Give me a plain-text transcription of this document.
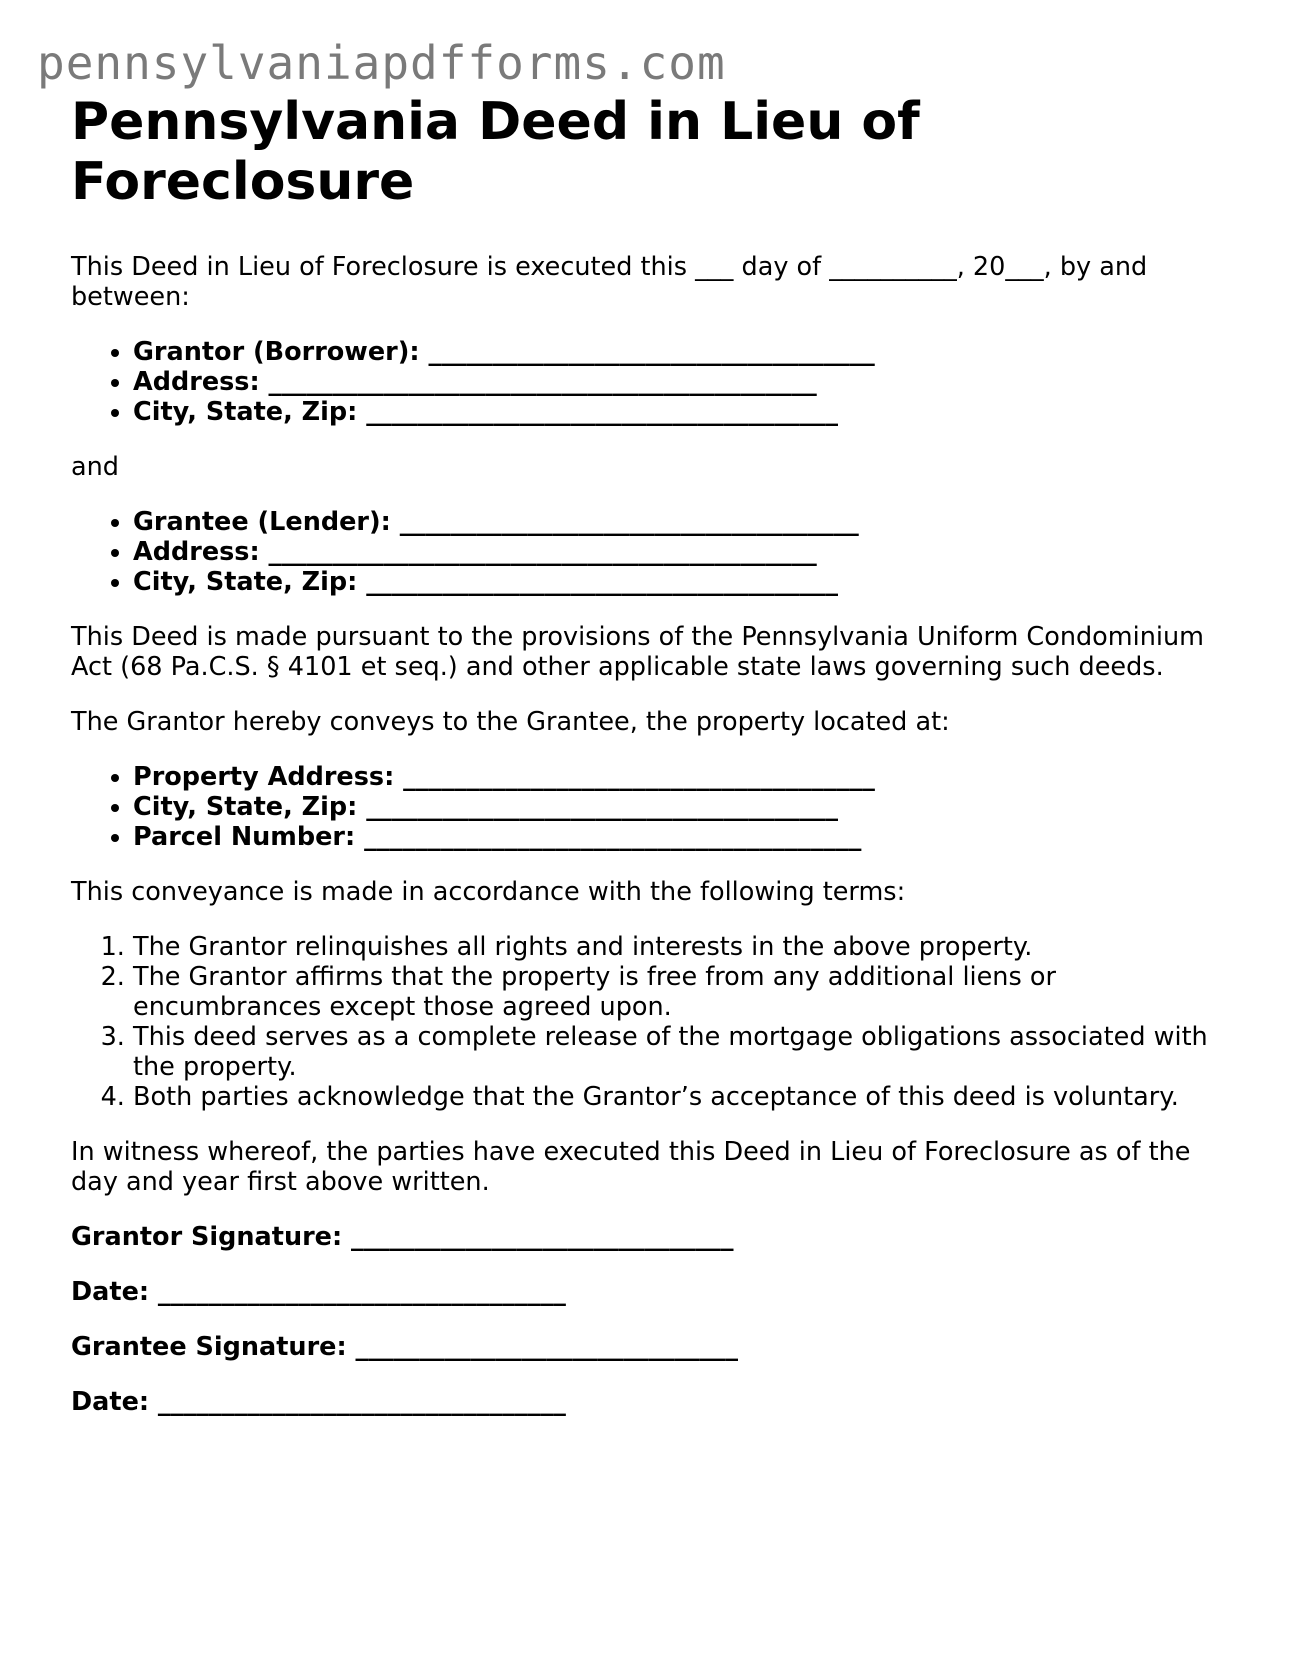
pennsylvaniapdfforms.com
Pennsylvania Deed in Lieu of Foreclosure

This Deed in Lieu of Foreclosure is executed this ___ day of __________, 20___, by and between:

• Grantor (Borrower): ___________________________________
• Address: ___________________________________________
• City, State, Zip: _____________________________________

and

• Grantee (Lender): ____________________________________
• Address: ___________________________________________
• City, State, Zip: _____________________________________

This Deed is made pursuant to the provisions of the Pennsylvania Uniform Condominium Act (68 Pa.C.S. § 4101 et seq.) and other applicable state laws governing such deeds.

The Grantor hereby conveys to the Grantee, the property located at:

• Property Address: _____________________________________
• City, State, Zip: _____________________________________
• Parcel Number: _______________________________________

This conveyance is made in accordance with the following terms:

1. The Grantor relinquishes all rights and interests in the above property.
2. The Grantor affirms that the property is free from any additional liens or encumbrances except those agreed upon.
3. This deed serves as a complete release of the mortgage obligations associated with the property.
4. Both parties acknowledge that the Grantor’s acceptance of this deed is voluntary.

In witness whereof, the parties have executed this Deed in Lieu of Foreclosure as of the day and year first above written.

Grantor Signature: ______________________________
Date: ________________________________
Grantee Signature: ______________________________
Date: ________________________________
